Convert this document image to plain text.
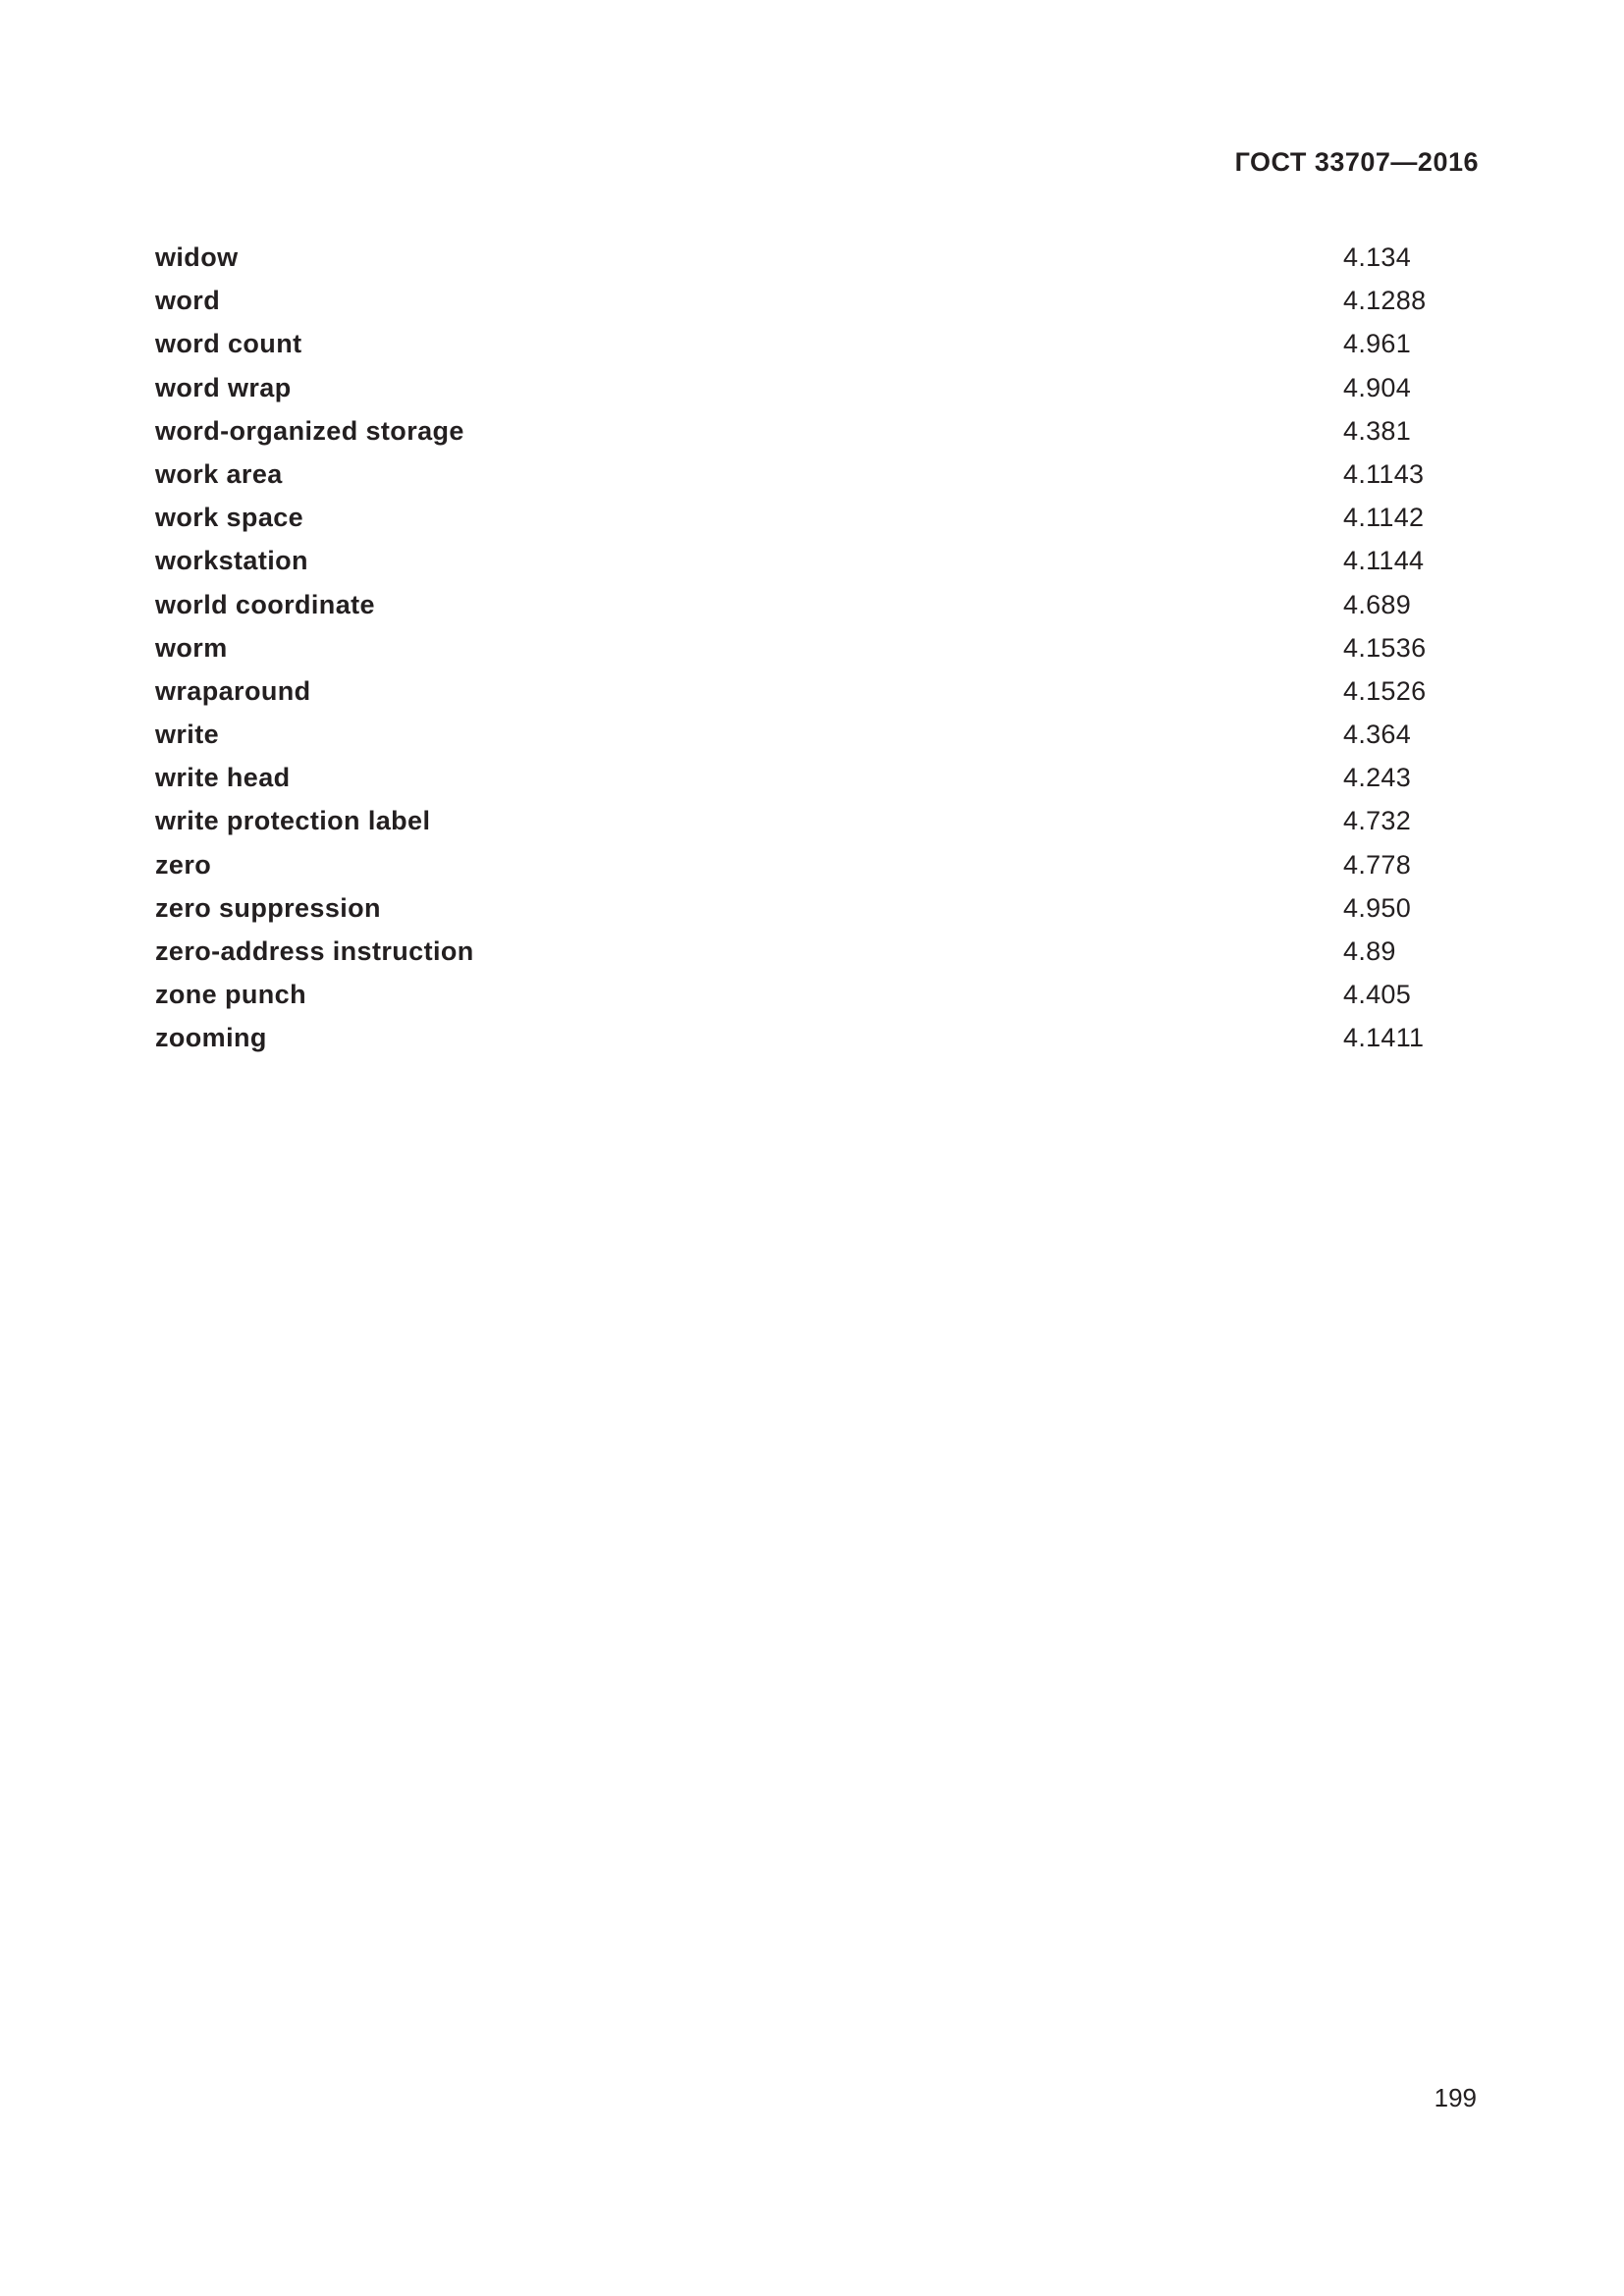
ГОСТ 33707—2016
widow	4.134
word	4.1288
word count	4.961
word wrap	4.904
word-organized storage	4.381
work area	4.1143
work space	4.1142
workstation	4.1144
world coordinate	4.689
worm	4.1536
wraparound	4.1526
write	4.364
write head	4.243
write protection label	4.732
zero	4.778
zero suppression	4.950
zero-address instruction	4.89
zone punch	4.405
zooming	4.1411
199
